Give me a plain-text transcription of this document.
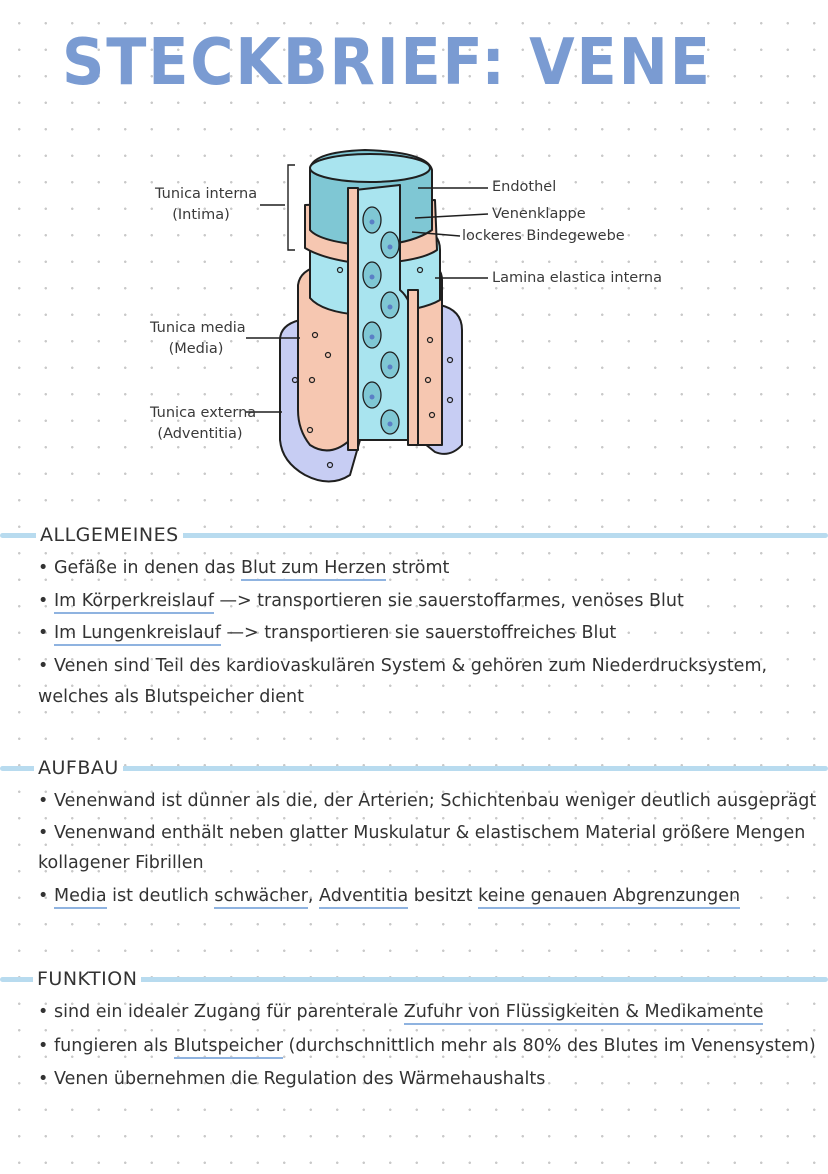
STECKBRIEF: VENE
Tunica interna
(Intima)
Tunica media
(Media)
Tunica externa
(Adventitia)
Endothel
Venenklappe
lockeres Bindegewebe
Lamina elastica interna
ALLGEMEINES
• Gefäße in denen das Blut zum Herzen strömt
• Im Körperkreislauf —> transportieren sie sauerstoffarmes, venöses Blut
• Im Lungenkreislauf —> transportieren sie sauerstoffreiches Blut
• Venen sind Teil des kardiovaskulären System & gehören zum Niederdrucksystem,
welches als Blutspeicher dient
AUFBAU
• Venenwand ist dünner als die, der Arterien; Schichtenbau weniger deutlich ausgeprägt
• Venenwand enthält neben glatter Muskulatur & elastischem Material größere Mengen
kollagener Fibrillen
• Media ist deutlich schwächer, Adventitia besitzt keine genauen Abgrenzungen
FUNKTION
• sind ein idealer Zugang für parenterale Zufuhr von Flüssigkeiten & Medikamente
• fungieren als Blutspeicher (durchschnittlich mehr als 80% des Blutes im Venensystem)
• Venen übernehmen die Regulation des Wärmehaushalts
